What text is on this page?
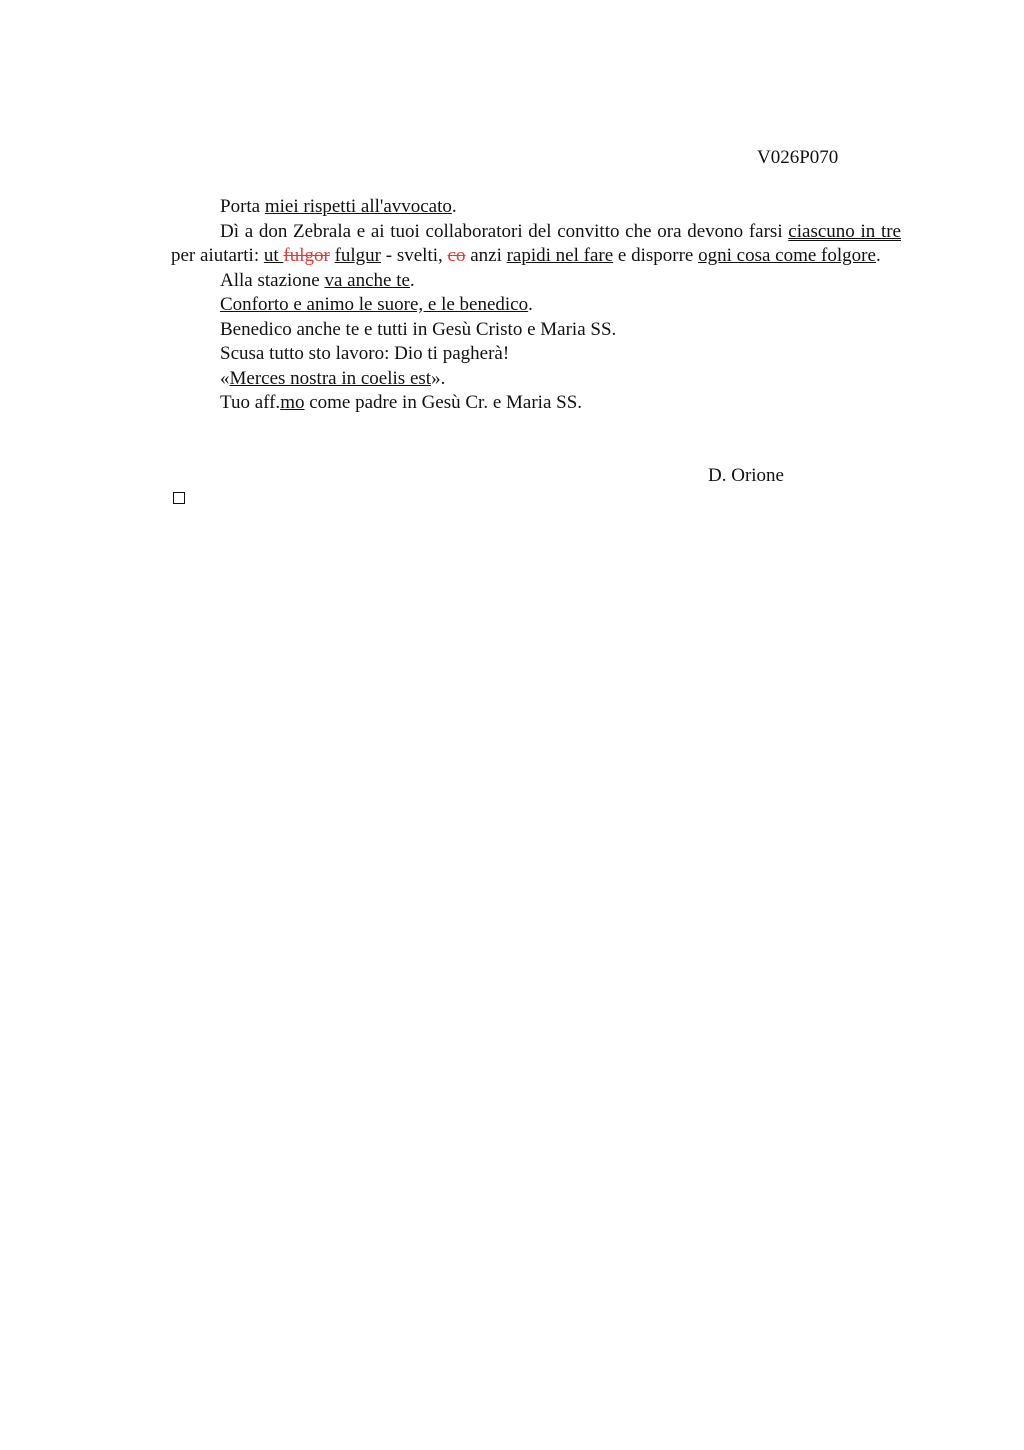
V026P070

Porta miei rispetti all'avvocato.

Dì a don Zebrala e ai tuoi collaboratori del convitto che ora devono farsi ciascuno in tre per aiutarti: ut fulgor fulgur - svelti, co anzi rapidi nel fare e disporre ogni cosa come folgore.

Alla stazione va anche te.

Conforto e animo le suore, e le benedico.

Benedico anche te e tutti in Gesù Cristo e Maria SS.

Scusa tutto sto lavoro: Dio ti pagherà!

«Merces nostra in coelis est».

Tuo aff.mo come padre in Gesù Cr. e Maria SS.

D. Orione
